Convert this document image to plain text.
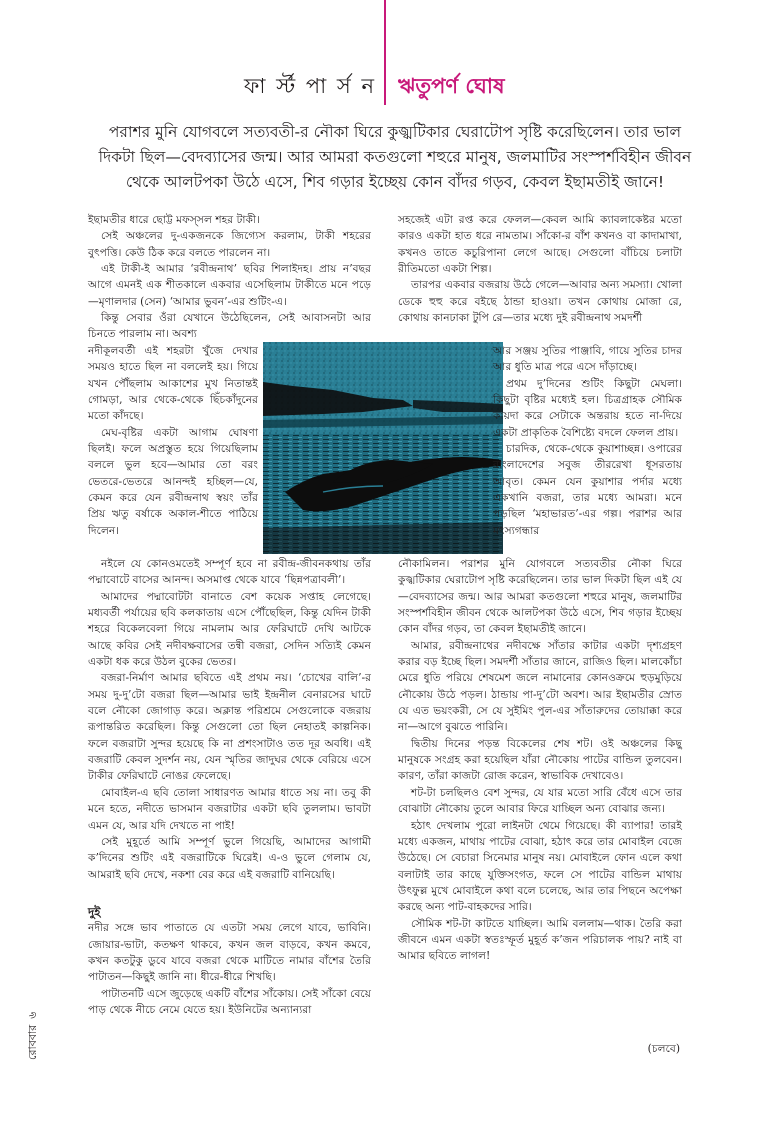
ফা র্স্ট পা র্স ন ঋতুপর্ণ ঘোষ
পরাশর মুনি যোগবলে সত্যবতী-র নৌকা ঘিরে কুজ্ঝটিকার ঘেরাটোপ সৃষ্টি করেছিলেন। তার ভাল দিকটা ছিল—বেদব্যাসের জন্ম। আর আমরা কতগুলো শহুরে মানুষ, জলমাটির সংস্পর্শবিহীন জীবন থেকে আলটপকা উঠে এসে, শিব গড়ার ইচ্ছেয় কোন বাঁদর গড়ব, কেবল ইছামতীই জানে!

ইছামতীর ধারে ছোট্ট মফস্সল শহর টাকী।

সেই অঞ্চলের দু-একজনকে জিগ্যেস করলাম, টাকী শহরের বুৎপত্তি। কেউ ঠিক করে বলতে পারলেন না।

এই টাকী-ই আমার ‘রবীন্দ্রনাথ’ ছবির শিলাইদহ। প্রায় ন’বছর আগে এমনই এক শীতকালে একবার এসেছিলাম টাকীতে মনে পড়ে—মৃণালদার (সেন) ‘আমার ভুবন’-এর শুটিং-এ।

কিন্তু সেবার ওঁরা যেখানে উঠেছিলেন, সেই আবাসনটা আর চিনতে পারলাম না। অবশ্য

নদীকূলবর্তী এই শহরটা খুঁজে দেখার সময়ও হাতে ছিল না বললেই হয়। গিয়ে যখন পৌঁছলাম আকাশের মুখ নিতান্তই গোমড়া, আর থেকে-থেকে ছিঁচকাঁদুনের মতো কাঁদছে।

মেঘ-বৃষ্টির একটা আগাম ঘোষণা ছিলই। ফলে অপ্রস্তুত হয়ে গিয়েছিলাম বললে ভুল হবে—আমার তো বরং ভেতরে-ভেতরে আনন্দই হচ্ছিল—যে, কেমন করে যেন রবীন্দ্রনাথ স্বয়ং তাঁর প্রিয় ঋতু বর্ষাকে অকাল-শীতে পাঠিয়ে দিলেন।

নইলে যে কোনওমতেই সম্পূর্ণ হবে না রবীন্দ্র-জীবনকথায় তাঁর পদ্মাবোটে বাসের আনন্দ। অসমাপ্ত থেকে যাবে ‘ছিন্নপত্রাবলী’।

আমাদের পদ্মাবোটটা বানাতে বেশ কয়েক সপ্তাহ লেগেছে। মধ্যবর্তী পর্যায়ের ছবি কলকাতায় এসে পৌঁছেছিল, কিন্তু যেদিন টাকী শহরে বিকেলবেলা গিয়ে নামলাম আর ফেরিঘাটে দেখি আটকে আছে কবির সেই নদীবক্ষবাসের তন্বী বজরা, সেদিন সত্যিই কেমন একটা ধক করে উঠল বুকের ভেতর।

বজরা-নির্মাণ আমার ছবিতে এই প্রথম নয়। ‘চোখের বালি’-র সময় দু-দু’টো বজরা ছিল—আমার ভাই ইন্দ্রনীল বেনারসের ঘাটে বলে নৌকো জোগাড় করে। অক্লান্ত পরিশ্রমে সেগুলোকে বজরায় রূপান্তরিত করেছিল। কিন্তু সেগুলো তো ছিল নেহাতই কাল্পনিক। ফলে বজরাটা সুন্দর হয়েছে কি না প্রশংসাটাও তত দূর অবধি। এই বজরাটি কেবল সুদর্শন নয়, যেন স্মৃতির জাদুঘর থেকে বেরিয়ে এসে টাকীর ফেরিঘাটে নোঙর ফেলেছে।

মোবাইল-এ ছবি তোলা সাধারণত আমার ধাতে সয় না। তবু কী মনে হতে, নদীতে ভাসমান বজরাটার একটা ছবি তুললাম। ভাবটা এমন যে, আর যদি দেখতে না পাই!

সেই মুহূর্তে আমি সম্পূর্ণ ভুলে গিয়েছি, আমাদের আগামী ক’দিনের শুটিং এই বজরাটিকে ঘিরেই। এ-ও ভুলে গেলাম যে, আমরাই ছবি দেখে, নকশা বের করে এই বজরাটি বানিয়েছি।

দুই

নদীর সঙ্গে ভাব পাতাতে যে এতটা সময় লেগে যাবে, ভাবিনি। জোয়ার-ভাটা, কতক্ষণ থাকবে, কখন জল বাড়বে, কখন কমবে, কখন কতটুকু ডুবে যাবে বজরা থেকে মাটিতে নামার বাঁশের তৈরি পাটাতন—কিছুই জানি না। ধীরে-ধীরে শিখছি।

পাটাতনটি এসে জুড়েছে একটি বাঁশের সাঁকোয়। সেই সাঁকো বেয়ে পাড় থেকে নীচে নেমে যেতে হয়। ইউনিটের অন্যান্যরা

সহজেই এটা রপ্ত করে ফেলল—কেবল আমি ক্যাবলাকেষ্টর মতো কারও একটা হাত ধরে নামতাম। সাঁকো-র বাঁশ কখনও বা কাদামাখা, কখনও তাতে কচুরিপানা লেগে আছে। সেগুলো বাঁচিয়ে চলাটা রীতিমতো একটা শিল্প।

তারপর একবার বজরায় উঠে গেলে—আবার অন্য সমস্যা। খোলা ডেকে হুহু করে বইছে ঠান্ডা হাওয়া। তখন কোথায় মোজা রে, কোথায় কানঢাকা টুপি রে—তার মধ্যে দুই রবীন্দ্রনাথ সমদর্শী

আর সঞ্জয় সুতির পাঞ্জাবি, গায়ে সুতির চাদর আর ধুতি মাত্র পরে এসে দাঁড়াচ্ছে।

প্রথম দু’দিনের শুটিং কিছুটা মেঘলা। কিছুটা বৃষ্টির মধ্যেই হল। চিত্রগ্রাহক সৌমিক কায়দা করে সেটাকে অন্তরায় হতে না-দিয়ে একটা প্রাকৃতিক বৈশিষ্ট্যে বদলে ফেলল প্রায়।

চারদিক, থেকে-থেকে কুয়াশাচ্ছন্ন। ওপারের বাংলাদেশের সবুজ তীররেখা ধূসরতায় আবৃত। কেমন যেন কুয়াশার পর্দার মধ্যে একখানি বজরা, তার মধ্যে আমরা। মনে পড়ছিল ‘মহাভারত’-এর গল্প। পরাশর আর মৎস্যগন্ধার

নৌকামিলন। পরাশর মুনি যোগবলে সত্যবতীর নৌকা ঘিরে কুজ্ঝটিকার ঘেরাটোপ সৃষ্টি করেছিলেন। তার ভাল দিকটা ছিল এই যে—বেদব্যাসের জন্ম। আর আমরা কতগুলো শহুরে মানুষ, জলমাটির সংস্পর্শবিহীন জীবন থেকে আলটপকা উঠে এসে, শিব গড়ার ইচ্ছেয় কোন বাঁদর গড়ব, তা কেবল ইছামতীই জানে।

আমার, রবীন্দ্রনাথের নদীবক্ষে সাঁতার কাটার একটা দৃশ্যগ্রহণ করার বড় ইচ্ছে ছিল। সমদর্শী সাঁতার জানে, রাজিও ছিল। মালকোঁচা মেরে ধুতি পরিয়ে শেষমেশ জলে নামানোর কোনওক্রমে হুড়মুড়িয়ে নৌকোয় উঠে পড়ল। ঠান্ডায় পা-দু’টো অবশ। আর ইছামতীর স্রোত যে এত ভয়ংকরী, সে যে সুইমিং পুল-এর সাঁতারুদের তোয়াক্কা করে না—আগে বুঝতে পারিনি।

দ্বিতীয় দিনের পড়ন্ত বিকেলের শেষ শট। ওই অঞ্চলের কিছু মানুষকে সংগ্রহ করা হয়েছিল যাঁরা নৌকোয় পাটের বান্ডিল তুলবেন। কারণ, তাঁরা কাজটা রোজ করেন, স্বাভাবিক দেখাবেও।

শট-টা চলছিলও বেশ সুন্দর, যে যার মতো সারি বেঁধে এসে তার বোঝাটা নৌকোয় তুলে আবার ফিরে যাচ্ছিল অন্য বোঝার জন্য।

হঠাৎ দেখলাম পুরো লাইনটা থেমে গিয়েছে। কী ব্যাপার! তারই মধ্যে একজন, মাথায় পাটের বোঝা, হঠাৎ করে তার মোবাইল বেজে উঠেছে। সে বেচারা সিনেমার মানুষ নয়। মোবাইলে ফোন এলে কথা বলাটাই তার কাছে যুক্তিসংগত, ফলে সে পাটের বান্ডিল মাথায় উৎফুল্ল মুখে মোবাইলে কথা বলে চলেছে, আর তার পিছনে অপেক্ষা করছে অন্য পাট-বাহকদের সারি।

সৌমিক শট-টা কাটতে যাচ্ছিল। আমি বললাম—থাক। তৈরি করা জীবনে এমন একটা স্বতঃস্ফূর্ত মুহূর্ত ক’জন পরিচালক পায়? নাই বা আমার ছবিতে লাগল!

(চলবে)
রোববার৬
